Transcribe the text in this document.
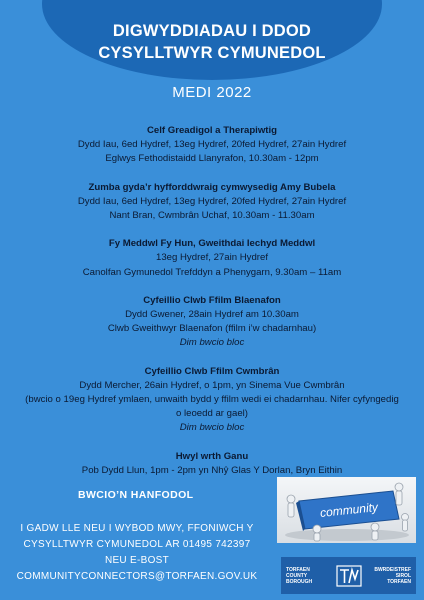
DIGWYDDIADAU I DDOD
CYSYLLTWYR CYMUNEDOL
MEDI 2022
Celf Greadigol a Therapiwtig
Dydd Iau, 6ed Hydref, 13eg Hydref, 20fed Hydref, 27ain Hydref
Eglwys Fethodistaidd Llanyrafon, 10.30am - 12pm
Zumba gyda’r hyfforddwraig cymwysedig Amy Bubela
Dydd Iau, 6ed Hydref, 13eg Hydref, 20fed Hydref, 27ain Hydref
Nant Bran, Cwmbrân Uchaf, 10.30am - 11.30am
Fy Meddwl Fy Hun, Gweithdai Iechyd Meddwl
13eg Hydref, 27ain Hydref
Canolfan Gymunedol Trefddyn a Phenygarn, 9.30am – 11am
Cyfeillio Clwb Ffilm Blaenafon
Dydd Gwener, 28ain Hydref am 10.30am
Clwb Gweithwyr Blaenafon (ffilm i’w chadarnhau)
Dim bwcio bloc
Cyfeillio Clwb Ffilm Cwmbrân
Dydd Mercher, 26ain Hydref, o 1pm, yn Sinema Vue Cwmbrân
(bwcio o 19eg Hydref ymlaen, unwaith bydd y ffilm wedi ei chadarnhau. Nifer cyfyngedig
o leoedd ar gael)
Dim bwcio bloc
Hwyl wrth Ganu
Pob Dydd Llun, 1pm - 2pm yn Nhŷ Glas Y Dorlan, Bryn Eithin
BWCIO’N HANFODOL
I GADW LLE NEU I WYBOD MWY, FFONIWCH Y
CYSYLLTWYR CYMUNEDOL AR 01495 742397
NEU E-BOST
COMMUNITYCONNECTORS@TORFAEN.GOV.UK
community
TORFAEN
COUNTY
BOROUGH
BWRDEISTREF
SIROL
TORFAEN
